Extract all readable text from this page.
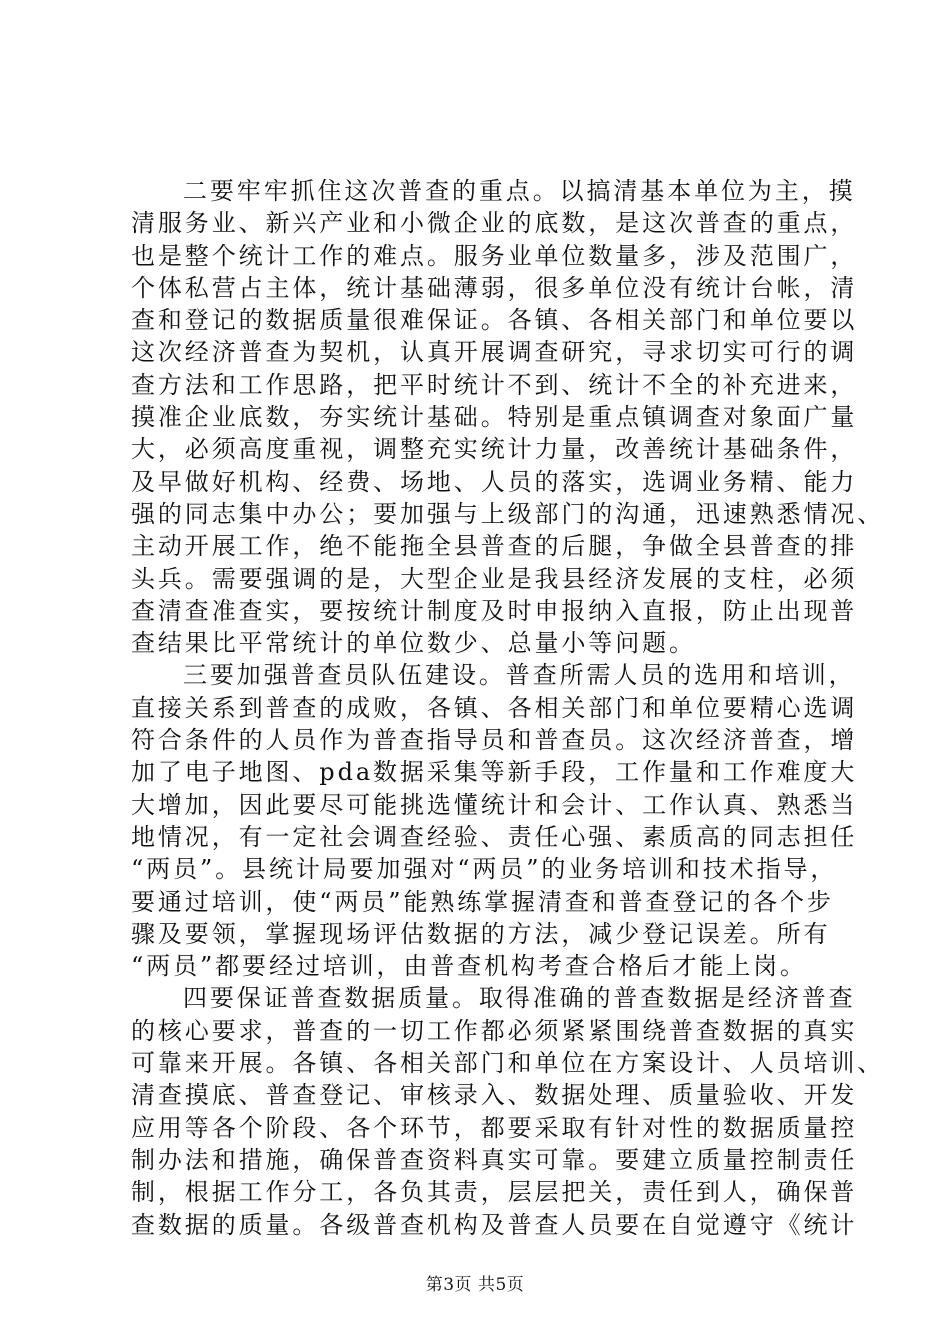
二要牢牢抓住这次普查的重点。以搞清基本单位为主，摸
清服务业、新兴产业和小微企业的底数，是这次普查的重点，
也是整个统计工作的难点。服务业单位数量多，涉及范围广，
个体私营占主体，统计基础薄弱，很多单位没有统计台帐，清
查和登记的数据质量很难保证。各镇、各相关部门和单位要以
这次经济普查为契机，认真开展调查研究，寻求切实可行的调
查方法和工作思路，把平时统计不到、统计不全的补充进来，
摸准企业底数，夯实统计基础。特别是重点镇调查对象面广量
大，必须高度重视，调整充实统计力量，改善统计基础条件，
及早做好机构、经费、场地、人员的落实，选调业务精、能力
强的同志集中办公；要加强与上级部门的沟通，迅速熟悉情况、
主动开展工作，绝不能拖全县普查的后腿，争做全县普查的排
头兵。需要强调的是，大型企业是我县经济发展的支柱，必须
查清查准查实，要按统计制度及时申报纳入直报，防止出现普
查结果比平常统计的单位数少、总量小等问题。
三要加强普查员队伍建设。普查所需人员的选用和培训，
直接关系到普查的成败，各镇、各相关部门和单位要精心选调
符合条件的人员作为普查指导员和普查员。这次经济普查，增
加了电子地图、pda数据采集等新手段，工作量和工作难度大
大增加，因此要尽可能挑选懂统计和会计、工作认真、熟悉当
地情况，有一定社会调查经验、责任心强、素质高的同志担任
“两员”。县统计局要加强对“两员”的业务培训和技术指导，
要通过培训，使“两员”能熟练掌握清查和普查登记的各个步
骤及要领，掌握现场评估数据的方法，减少登记误差。所有
“两员”都要经过培训，由普查机构考查合格后才能上岗。
四要保证普查数据质量。取得准确的普查数据是经济普查
的核心要求，普查的一切工作都必须紧紧围绕普查数据的真实
可靠来开展。各镇、各相关部门和单位在方案设计、人员培训、
清查摸底、普查登记、审核录入、数据处理、质量验收、开发
应用等各个阶段、各个环节，都要采取有针对性的数据质量控
制办法和措施，确保普查资料真实可靠。要建立质量控制责任
制，根据工作分工，各负其责，层层把关，责任到人，确保普
查数据的质量。各级普查机构及普查人员要在自觉遵守《统计
第3页 共5页
